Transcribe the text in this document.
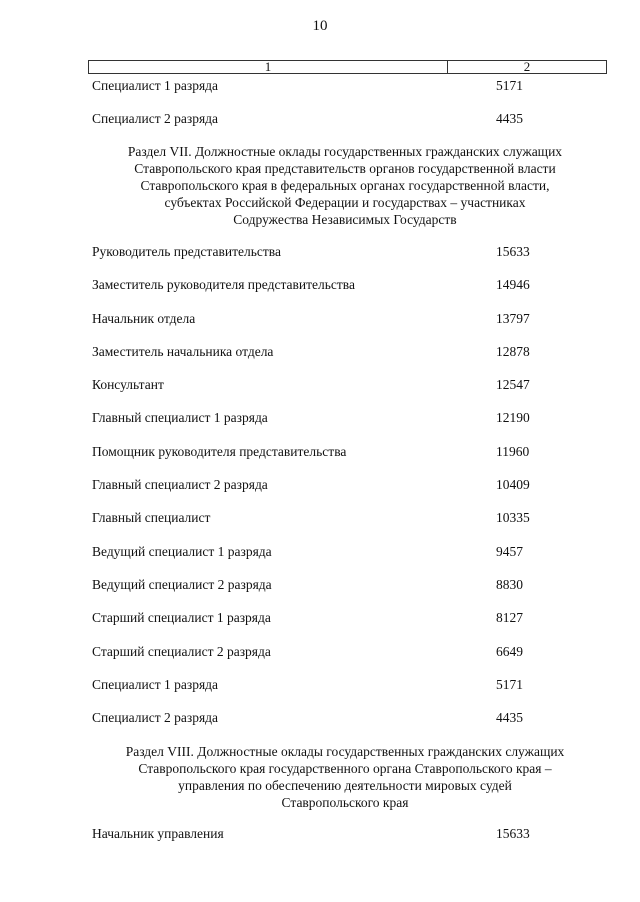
10
1	2
Специалист 1 разряда	5171
Специалист 2 разряда	4435
Раздел VII. Должностные оклады государственных гражданских служащих
Ставропольского края представительств органов государственной власти
Ставропольского края в федеральных органах государственной власти,
субъектах Российской Федерации и государствах – участниках
Содружества Независимых Государств
Руководитель представительства	15633
Заместитель руководителя представительства	14946
Начальник отдела	13797
Заместитель начальника отдела	12878
Консультант	12547
Главный специалист 1 разряда	12190
Помощник руководителя представительства	11960
Главный специалист 2 разряда	10409
Главный специалист	10335
Ведущий специалист 1 разряда	9457
Ведущий специалист 2 разряда	8830
Старший специалист 1 разряда	8127
Старший специалист 2 разряда	6649
Специалист 1 разряда	5171
Специалист 2 разряда	4435
Раздел VIII. Должностные оклады государственных гражданских служащих
Ставропольского края государственного органа Ставропольского края –
управления по обеспечению деятельности мировых судей
Ставропольского края
Начальник управления	15633
